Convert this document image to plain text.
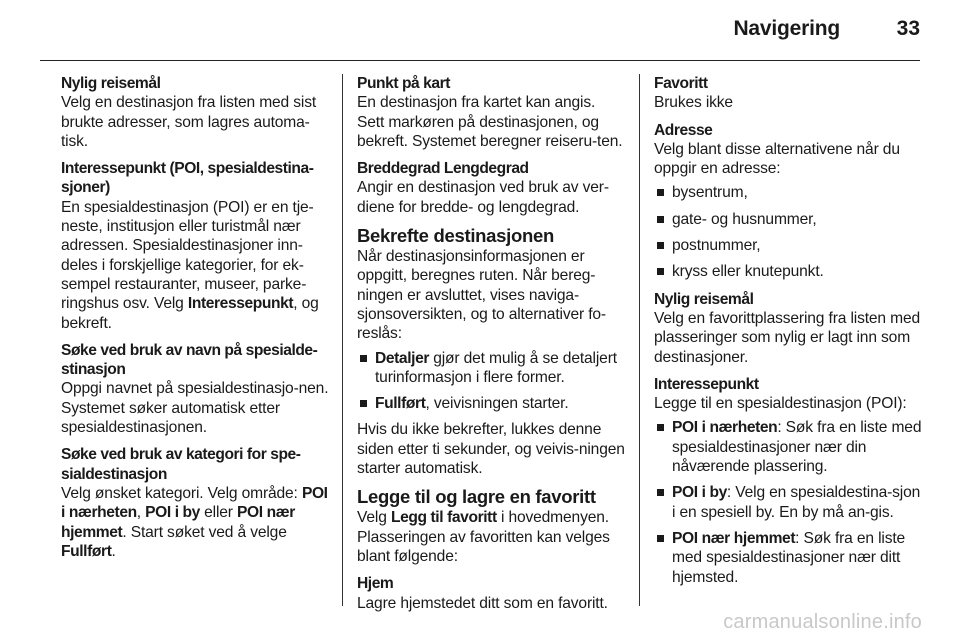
Navigering	33
Nylig reisemål

Velg en destinasjon fra listen med sist brukte adresser, som lagres automa-tisk.

Interessepunkt (POI, spesialdestina-sjoner)

En spesialdestinasjon (POI) er en tje-neste, institusjon eller turistmål nær adressen. Spesialdestinasjoner inn-deles i forskjellige kategorier, for ek-sempel restauranter, museer, parke-ringshus osv. Velg Interessepunkt, og bekreft.

Søke ved bruk av navn på spesialde-stinasjon

Oppgi navnet på spesialdestinasjo-nen. Systemet søker automatisk etter spesialdestinasjonen.

Søke ved bruk av kategori for spe-sialdestinasjon

Velg ønsket kategori. Velg område: POI i nærheten, POI i by eller POI nær hjemmet. Start søket ved å velge Fullført.

Punkt på kart

En destinasjon fra kartet kan angis. Sett markøren på destinasjonen, og bekreft. Systemet beregner reiseru-ten.

Breddegrad Lengdegrad

Angir en destinasjon ved bruk av ver-diene for bredde- og lengdegrad.

Bekrefte destinasjonen

Når destinasjonsinformasjonen er oppgitt, beregnes ruten. Når bereg-ningen er avsluttet, vises naviga-sjonsoversikten, og to alternativer fo-reslås:

Detaljer gjør det mulig å se detaljert turinformasjon i flere former.
Fullført, veivisningen starter.

Hvis du ikke bekrefter, lukkes denne siden etter ti sekunder, og veivis-ningen starter automatisk.

Legge til og lagre en favoritt

Velg Legg til favoritt i hovedmenyen. Plasseringen av favoritten kan velges blant følgende:

Hjem

Lagre hjemstedet ditt som en favoritt.

Favoritt

Brukes ikke

Adresse

Velg blant disse alternativene når du oppgir en adresse:

bysentrum,
gate- og husnummer,
postnummer,
kryss eller knutepunkt.
Nylig reisemål

Velg en favorittplassering fra listen med plasseringer som nylig er lagt inn som destinasjoner.

Interessepunkt

Legge til en spesialdestinasjon (POI):

POI i nærheten: Søk fra en liste med spesialdestinasjoner nær din nåværende plassering.
POI i by: Velg en spesialdestina-sjon i en spesiell by. En by må an-gis.
POI nær hjemmet: Søk fra en liste med spesialdestinasjoner nær ditt hjemsted.
carmanualsonline.info
